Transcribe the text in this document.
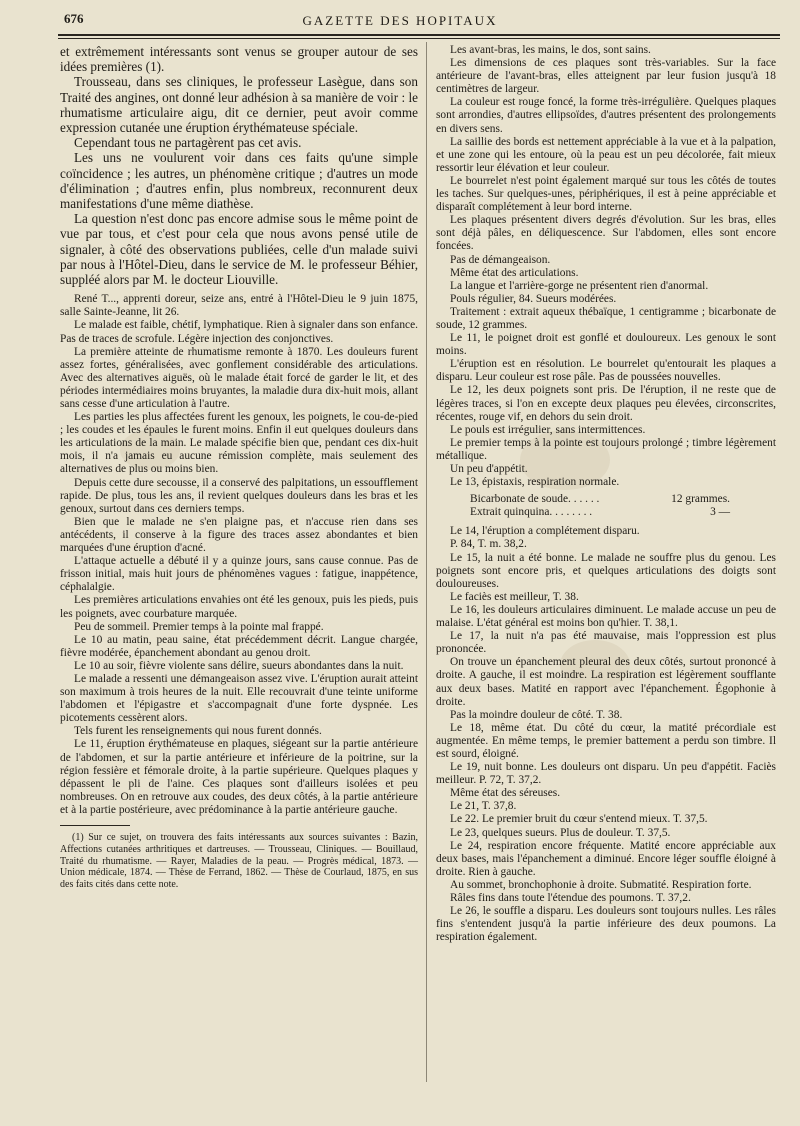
676	GAZETTE DES HOPITAUX

et extrêmement intéressants sont venus se grouper autour de ses idées premières (1).

Trousseau, dans ses cliniques, le professeur Lasègue, dans son Traité des angines, ont donné leur adhésion à sa manière de voir : le rhumatisme articulaire aigu, dit ce dernier, peut avoir comme expression cutanée une éruption érythémateuse spéciale.

Cependant tous ne partagèrent pas cet avis.

Les uns ne voulurent voir dans ces faits qu'une simple coïncidence ; les autres, un phénomène critique ; d'autres un mode d'élimination ; d'autres enfin, plus nombreux, reconnurent deux manifestations d'une même diathèse.

La question n'est donc pas encore admise sous le même point de vue par tous, et c'est pour cela que nous avons pensé utile de signaler, à côté des observations publiées, celle d'un malade suivi par nous à l'Hôtel-Dieu, dans le service de M. le professeur Béhier, suppléé alors par M. le docteur Liouville.

René T..., apprenti doreur, seize ans, entré à l'Hôtel-Dieu le 9 juin 1875, salle Sainte-Jeanne, lit 26.

Le malade est faible, chétif, lymphatique. Rien à signaler dans son enfance. Pas de traces de scrofule. Légère injection des conjonctives.

La première atteinte de rhumatisme remonte à 1870. Les douleurs furent assez fortes, généralisées, avec gonflement considérable des articulations. Avec des alternatives aiguës, où le malade était forcé de garder le lit, et des périodes intermédiaires moins bruyantes, la maladie dura dix-huit mois, allant sans cesse d'une articulation à l'autre.

Les parties les plus affectées furent les genoux, les poignets, le cou-de-pied ; les coudes et les épaules le furent moins. Enfin il eut quelques douleurs dans les articulations de la main. Le malade spécifie bien que, pendant ces dix-huit mois, il n'a jamais eu aucune rémission complète, mais seulement des alternatives de plus ou moins bien.

Depuis cette dure secousse, il a conservé des palpitations, un essoufflement rapide. De plus, tous les ans, il revient quelques douleurs dans les bras et les genoux, surtout dans ces derniers temps.

Bien que le malade ne s'en plaigne pas, et n'accuse rien dans ses antécédents, il conserve à la figure des traces assez abondantes et bien marquées d'une éruption d'acné.

L'attaque actuelle a débuté il y a quinze jours, sans cause connue. Pas de frisson initial, mais huit jours de phénomènes vagues : fatigue, inappétence, céphalalgie.

Les premières articulations envahies ont été les genoux, puis les pieds, puis les poignets, avec courbature marquée.

Peu de sommeil. Premier temps à la pointe mal frappé.

Le 10 au matin, peau saine, état précédemment décrit. Langue chargée, fièvre modérée, épanchement abondant au genou droit.

Le 10 au soir, fièvre violente sans délire, sueurs abondantes dans la nuit.

Le malade a ressenti une démangeaison assez vive. L'éruption aurait atteint son maximum à trois heures de la nuit. Elle recouvrait d'une teinte uniforme l'abdomen et l'épigastre et s'accompagnait d'une forte dyspnée. Les picotements cessèrent alors.

Tels furent les renseignements qui nous furent donnés.

Le 11, éruption érythémateuse en plaques, siégeant sur la partie antérieure de l'abdomen, et sur la partie antérieure et inférieure de la poitrine, sur la région fessière et fémorale droite, à la partie supérieure. Quelques plaques y dépassent le pli de l'aine. Ces plaques sont d'ailleurs isolées et peu nombreuses. On en retrouve aux coudes, des deux côtés, à la partie antérieure et à la partie postérieure, avec prédominance à la partie antérieure gauche.

(1) Sur ce sujet, on trouvera des faits intéressants aux sources suivantes : Bazin, Affections cutanées arthritiques et dartreuses. — Trousseau, Cliniques. — Bouillaud, Traité du rhumatisme. — Rayer, Maladies de la peau. — Progrès médical, 1873. — Union médicale, 1874. — Thèse de Ferrand, 1862. — Thèse de Courlaud, 1875, en sus des faits cités dans cette note.

Les avant-bras, les mains, le dos, sont sains.

Les dimensions de ces plaques sont très-variables. Sur la face antérieure de l'avant-bras, elles atteignent par leur fusion jusqu'à 18 centimètres de largeur.

La couleur est rouge foncé, la forme très-irrégulière. Quelques plaques sont arrondies, d'autres ellipsoïdes, d'autres présentent des prolongements en divers sens.

La saillie des bords est nettement appréciable à la vue et à la palpation, et une zone qui les entoure, où la peau est un peu décolorée, fait mieux ressortir leur élévation et leur couleur.

Le bourrelet n'est point également marqué sur tous les côtés de toutes les taches. Sur quelques-unes, périphériques, il est à peine appréciable et disparaît complétement à leur bord interne.

Les plaques présentent divers degrés d'évolution. Sur les bras, elles sont déjà pâles, en déliquescence. Sur l'abdomen, elles sont encore foncées.

Pas de démangeaison.

Même état des articulations.

La langue et l'arrière-gorge ne présentent rien d'anormal.

Pouls régulier, 84. Sueurs modérées.

Traitement : extrait aqueux thébaïque, 1 centigramme ; bicarbonate de soude, 12 grammes.

Le 11, le poignet droit est gonflé et douloureux. Les genoux le sont moins.

L'éruption est en résolution. Le bourrelet qu'entourait les plaques a disparu. Leur couleur est rose pâle. Pas de poussées nouvelles.

Le 12, les deux poignets sont pris. De l'éruption, il ne reste que de légères traces, si l'on en excepte deux plaques peu élevées, circonscrites, récentes, rouge vif, en dehors du sein droit.

Le pouls est irrégulier, sans intermittences.

Le premier temps à la pointe est toujours prolongé ; timbre légèrement métallique.

Un peu d'appétit.

Le 13, épistaxis, respiration normale.

Bicarbonate de soude. . . . . .	12 grammes.
Extrait quinquina. . . . . . . .	3 —

Le 14, l'éruption a complétement disparu.

P. 84, T. m. 38,2.

Le 15, la nuit a été bonne. Le malade ne souffre plus du genou. Les poignets sont encore pris, et quelques articulations des doigts sont douloureuses.

Le faciès est meilleur, T. 38.

Le 16, les douleurs articulaires diminuent. Le malade accuse un peu de malaise. L'état général est moins bon qu'hier. T. 38,1.

Le 17, la nuit n'a pas été mauvaise, mais l'oppression est plus prononcée.

On trouve un épanchement pleural des deux côtés, surtout prononcé à droite. A gauche, il est moindre. La respiration est légèrement soufflante aux deux bases. Matité en rapport avec l'épanchement. Égophonie à droite.

Pas la moindre douleur de côté. T. 38.

Le 18, même état. Du côté du cœur, la matité précordiale est augmentée. En même temps, le premier battement a perdu son timbre. Il est sourd, éloigné.

Le 19, nuit bonne. Les douleurs ont disparu. Un peu d'appétit. Faciès meilleur. P. 72, T. 37,2.

Même état des séreuses.

Le 21, T. 37,8.

Le 22. Le premier bruit du cœur s'entend mieux. T. 37,5.

Le 23, quelques sueurs. Plus de douleur. T. 37,5.

Le 24, respiration encore fréquente. Matité encore appréciable aux deux bases, mais l'épanchement a diminué. Encore léger souffle éloigné à droite. Rien à gauche.

Au sommet, bronchophonie à droite. Submatité. Respiration forte.

Râles fins dans toute l'étendue des poumons. T. 37,2.

Le 26, le souffle a disparu. Les douleurs sont toujours nulles. Les râles fins s'entendent jusqu'à la partie inférieure des deux poumons. La respiration également.
